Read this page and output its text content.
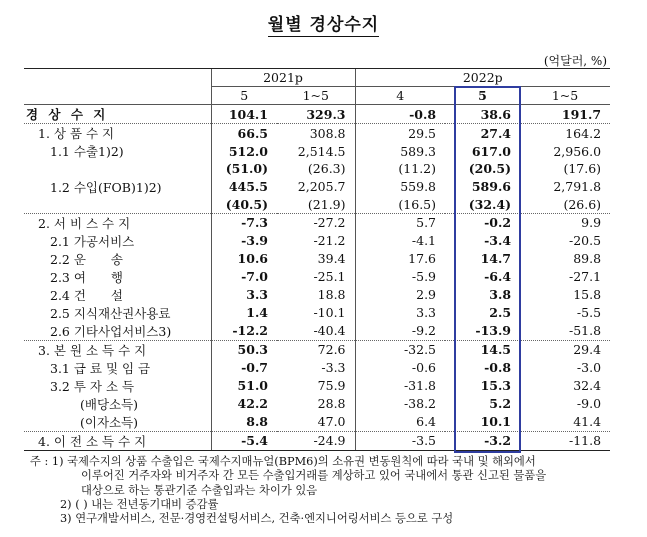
월별 경상수지
(억달러, %)
	2021p		2022p		
	5	1~5	4	5	1~5
경 상 수 지	104.1	329.3	-0.8	38.6	191.7
1. 상 품 수 지	66.5	308.8	29.5	27.4	164.2
1.1 수출1)2)	512.0	2,514.5	589.3	617.0	2,956.0
	(51.0)	(26.3)	(11.2)	(20.5)	(17.6)
1.2 수입(FOB)1)2)	445.5	2,205.7	559.8	589.6	2,791.8
	(40.5)	(21.9)	(16.5)	(32.4)	(26.6)
2. 서 비 스 수 지	-7.3	-27.2	5.7	-0.2	9.9
2.1 가공서비스	-3.9	-21.2	-4.1	-3.4	-20.5
2.2 운　　송	10.6	39.4	17.6	14.7	89.8
2.3 여　　행	-7.0	-25.1	-5.9	-6.4	-27.1
2.4 건　　설	3.3	18.8	2.9	3.8	15.8
2.5 지식재산권사용료	1.4	-10.1	3.3	2.5	-5.5
2.6 기타사업서비스3)	-12.2	-40.4	-9.2	-13.9	-51.8
3. 본 원 소 득 수 지	50.3	72.6	-32.5	14.5	29.4
3.1 급 료 및 임 금	-0.7	-3.3	-0.6	-0.8	-3.0
3.2 투 자 소 득	51.0	75.9	-31.8	15.3	32.4
(배당소득)	42.2	28.8	-38.2	5.2	-9.0
(이자소득)	8.8	47.0	6.4	10.1	41.4
4. 이 전 소 득 수 지	-5.4	-24.9	-3.5	-3.2	-11.8
주 : 1) 국제수지의 상품 수출입은 국제수지매뉴얼(BPM6)의 소유권 변동원칙에 따라 국내 및 해외에서
이루어진 거주자와 비거주자 간 모든 수출입거래를 계상하고 있어 국내에서 통관 신고된 물품을
대상으로 하는 통관기준 수출입과는 차이가 있음
2) ( ) 내는 전년동기대비 증감률
3) 연구개발서비스, 전문·경영컨설팅서비스, 건축·엔지니어링서비스 등으로 구성
